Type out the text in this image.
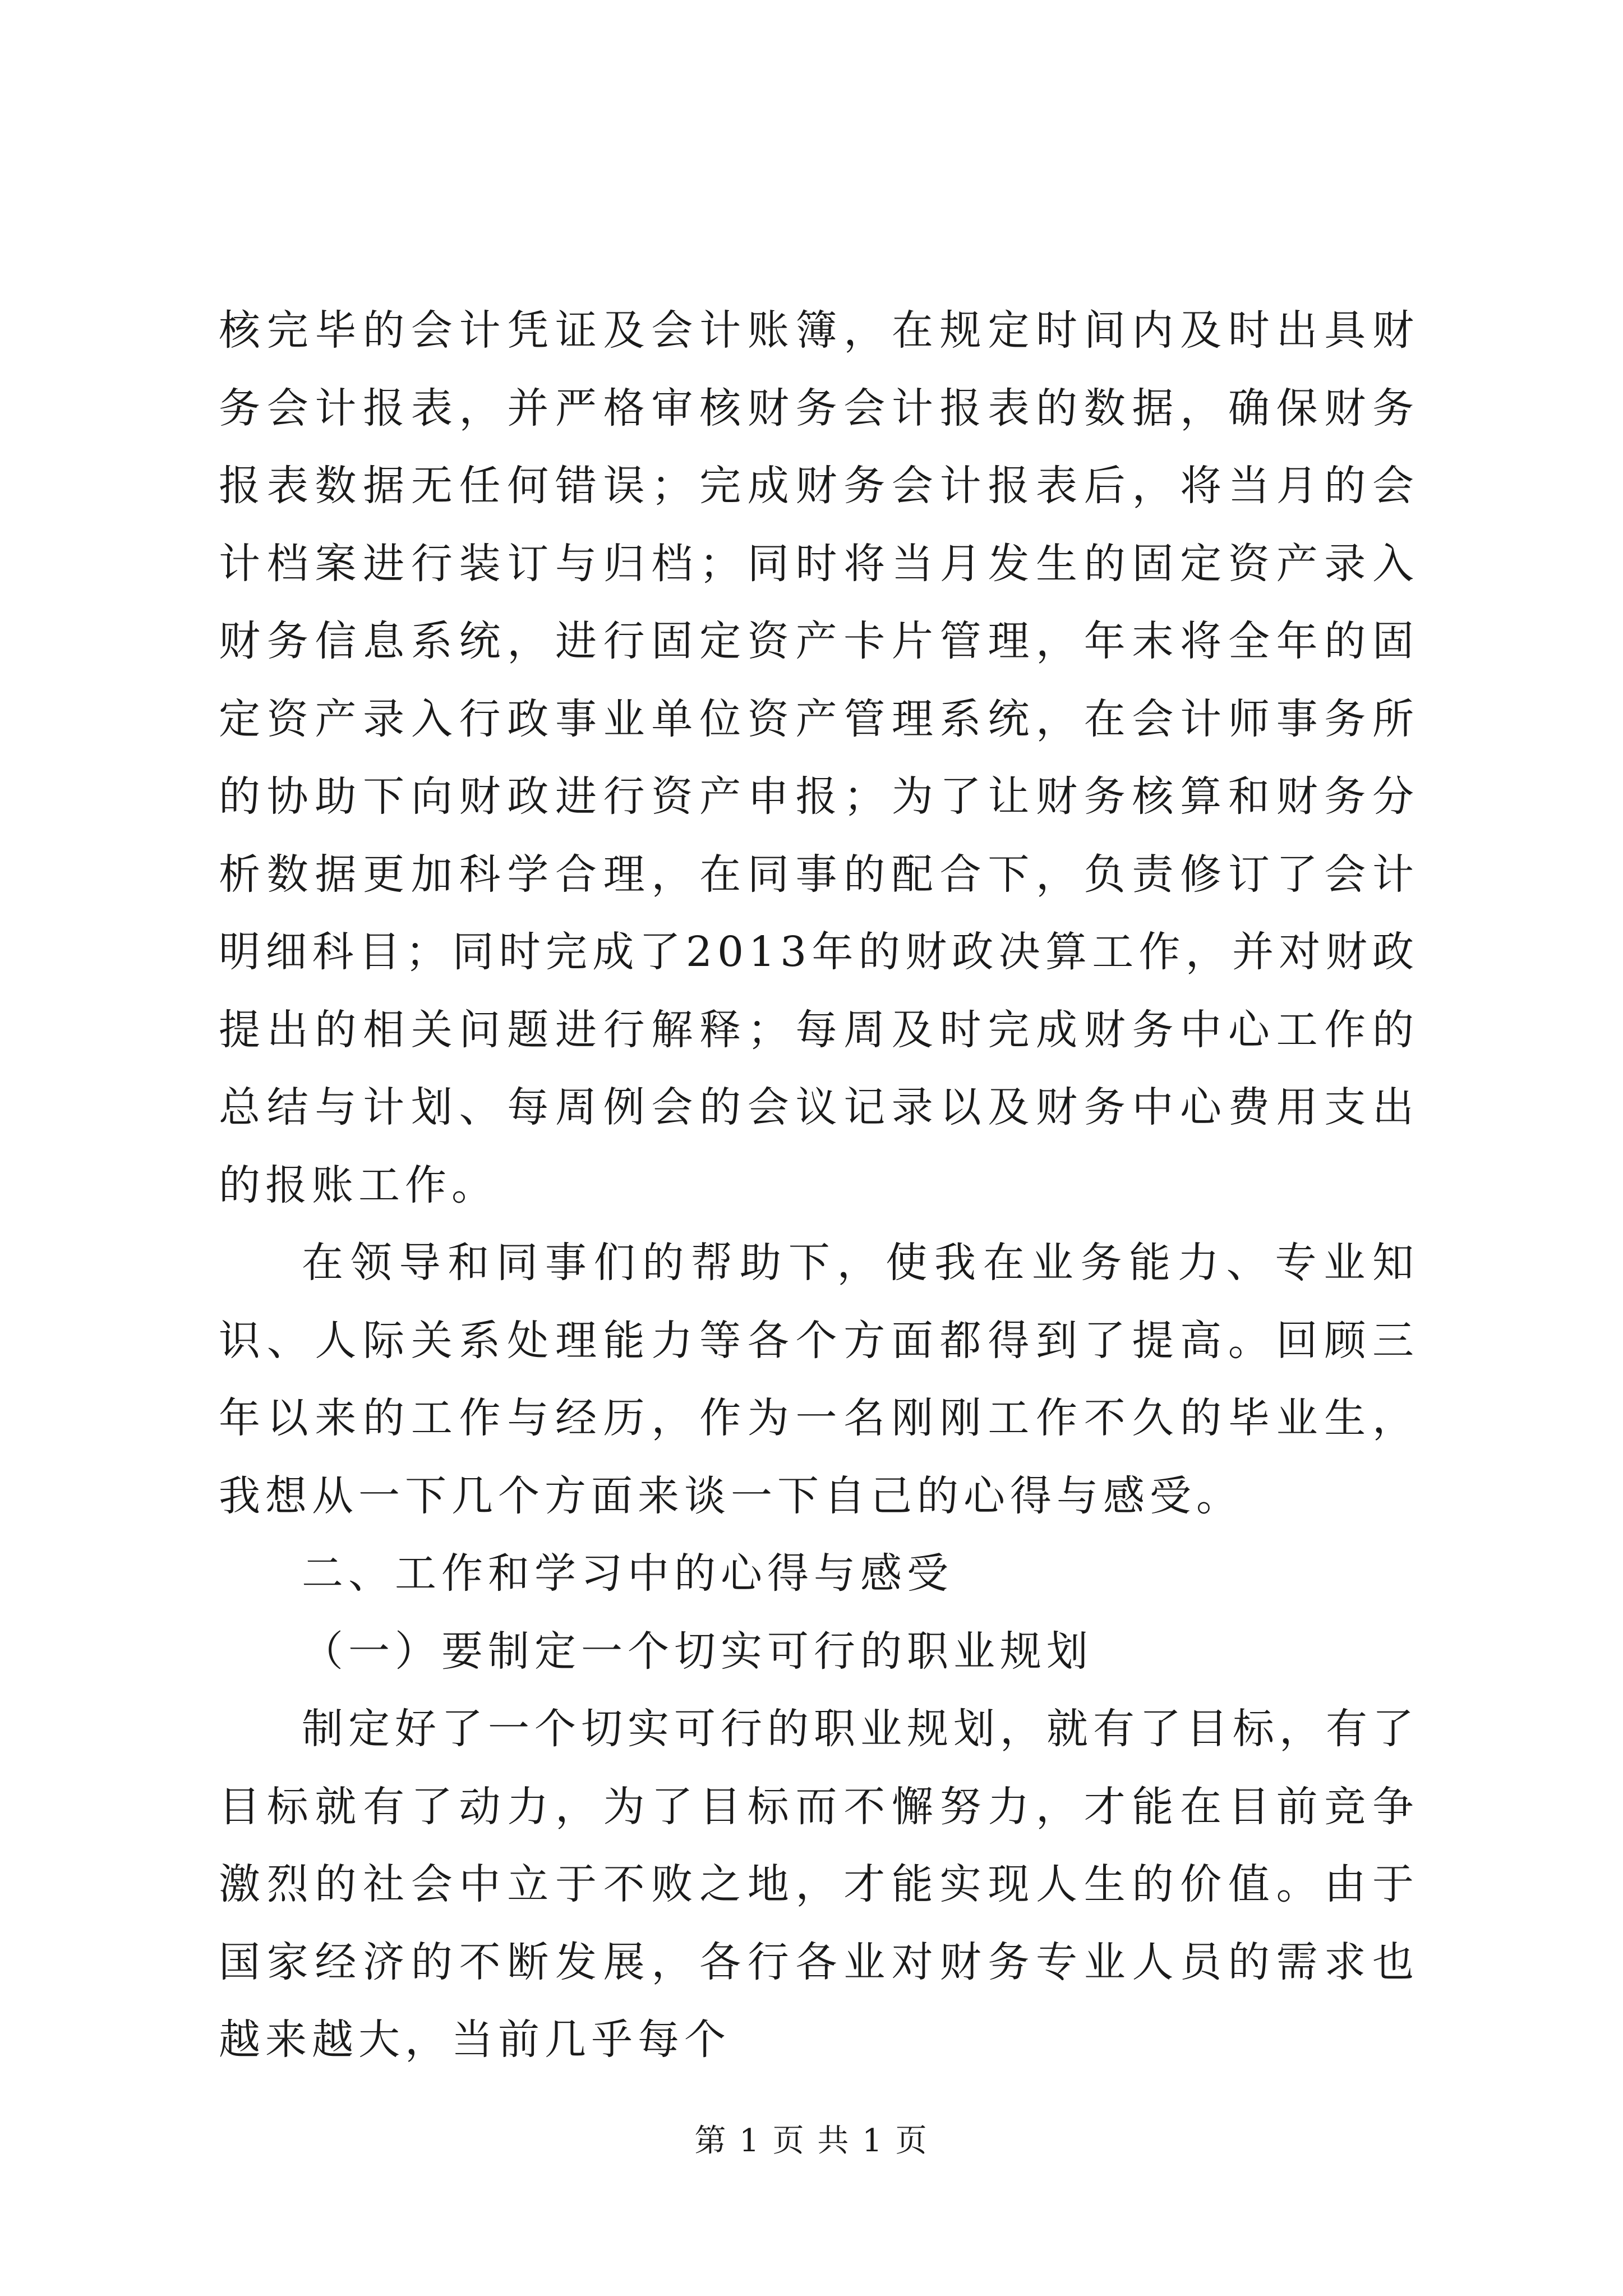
核完毕的会计凭证及会计账簿，在规定时间内及时出具财务会计报表，并严格审核财务会计报表的数据，确保财务报表数据无任何错误；完成财务会计报表后，将当月的会计档案进行装订与归档；同时将当月发生的固定资产录入财务信息系统，进行固定资产卡片管理，年末将全年的固定资产录入行政事业单位资产管理系统，在会计师事务所的协助下向财政进行资产申报；为了让财务核算和财务分析数据更加科学合理，在同事的配合下，负责修订了会计明细科目；同时完成了2013年的财政决算工作，并对财政提出的相关问题进行解释；每周及时完成财务中心工作的总结与计划、每周例会的会议记录以及财务中心费用支出的报账工作。

在领导和同事们的帮助下，使我在业务能力、专业知识、人际关系处理能力等各个方面都得到了提高。回顾三年以来的工作与经历，作为一名刚刚工作不久的毕业生，我想从一下几个方面来谈一下自己的心得与感受。

二、工作和学习中的心得与感受

（一）要制定一个切实可行的职业规划

制定好了一个切实可行的职业规划，就有了目标，有了目标就有了动力，为了目标而不懈努力，才能在目前竞争激烈的社会中立于不败之地，才能实现人生的价值。由于国家经济的不断发展，各行各业对财务专业人员的需求也越来越大，当前几乎每个

第 1 页 共 1 页
